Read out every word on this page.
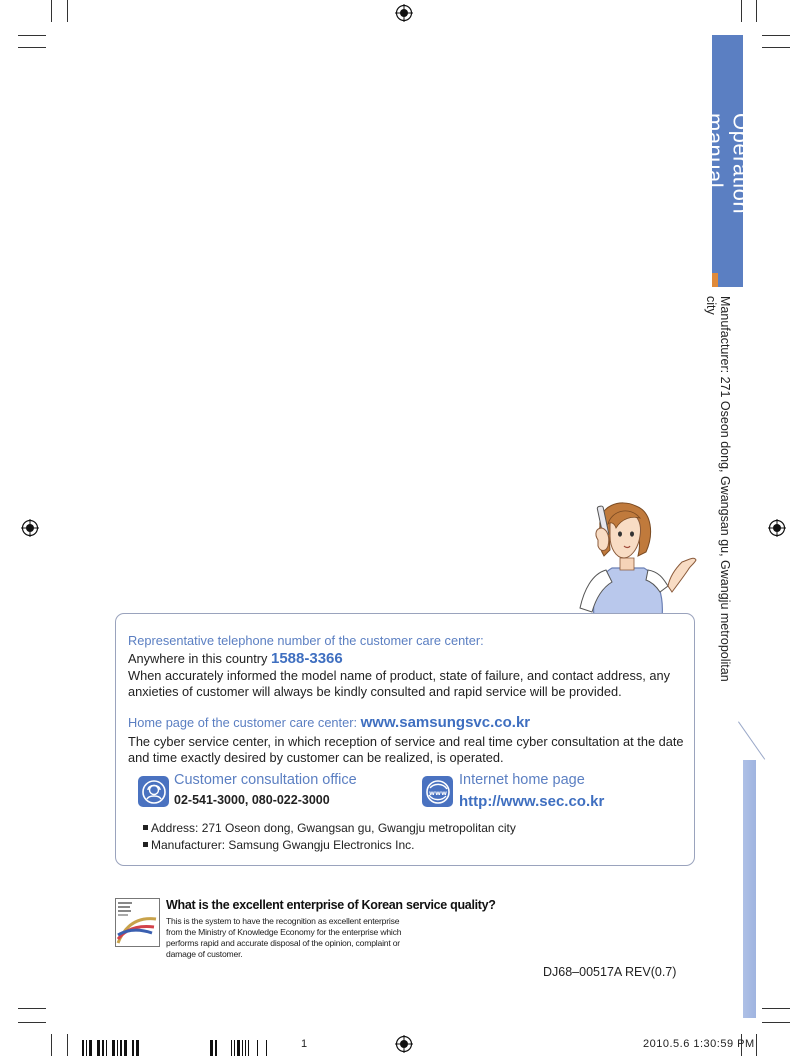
Operation manual
Manufacturer: 271 Oseon dong, Gwangsan gu, Gwangju metropolitan city
Representative telephone number of the customer care center:
Anywhere in this country 1588-3366
When accurately informed the model name of product, state of failure, and contact address, any anxieties of customer will always be kindly consulted and rapid service will be provided.
Home page of the customer care center: www.samsungsvc.co.kr
The cyber service center, in which reception of service and real time cyber consultation at the date and time exactly desired by customer can be realized, is operated.
Customer consultation office
02-541-3000, 080-022-3000
www
Internet home page
http://www.sec.co.kr
Address: 271 Oseon dong, Gwangsan gu, Gwangju metropolitan city
Manufacturer: Samsung Gwangju Electronics Inc.
What is the excellent enterprise of Korean service quality?
This is the system to have the recognition as excellent enterprise from the Ministry of Knowledge Economy for the enterprise which performs rapid and accurate disposal of the opinion, complaint or damage of customer.
DJ68–00517A REV(0.7)
1	2010.5.6 1:30:59 PM
